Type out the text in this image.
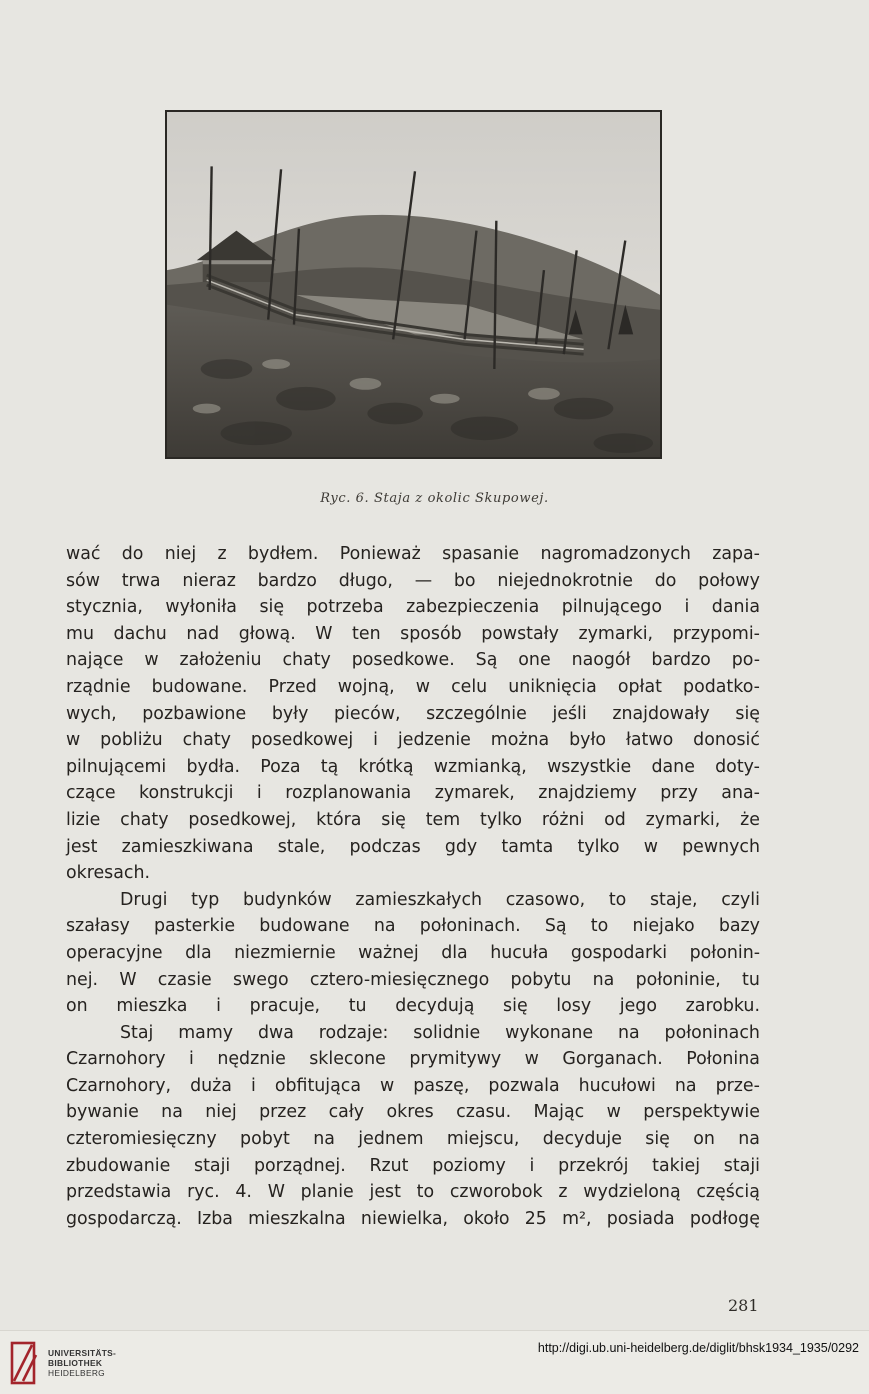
Ryc. 6. Staja z okolic Skupowej.
wać do niej z bydłem. Ponieważ spasanie nagromadzonych zapa-
sów trwa nieraz bardzo długo, — bo niejednokrotnie do połowy
stycznia, wyłoniła się potrzeba zabezpieczenia pilnującego i dania
mu dachu nad głową. W ten sposób powstały zymarki, przypomi-
nające w założeniu chaty posedkowe. Są one naogół bardzo po-
rządnie budowane. Przed wojną, w celu uniknięcia opłat podatko-
wych, pozbawione były pieców, szczególnie jeśli znajdowały się
w pobliżu chaty posedkowej i jedzenie można było łatwo donosić
pilnującemi bydła. Poza tą krótką wzmianką, wszystkie dane doty-
czące konstrukcji i rozplanowania zymarek, znajdziemy przy ana-
lizie chaty posedkowej, która się tem tylko różni od zymarki, że
jest zamieszkiwana stale, podczas gdy tamta tylko w pewnych
okresach.
Drugi typ budynków zamieszkałych czasowo, to staje, czyli
szałasy pasterkie budowane na połoninach. Są to niejako bazy
operacyjne dla niezmiernie ważnej dla hucuła gospodarki połonin-
nej. W czasie swego cztero-miesięcznego pobytu na połoninie, tu
on mieszka i pracuje, tu decydują się losy jego zarobku.
Staj mamy dwa rodzaje: solidnie wykonane na połoninach
Czarnohory i nędznie sklecone prymitywy w Gorganach. Połonina
Czarnohory, duża i obfitująca w paszę, pozwala hucułowi na prze-
bywanie na niej przez cały okres czasu. Mając w perspektywie
czteromiesięczny pobyt na jednem miejscu, decyduje się on na
zbudowanie staji porządnej. Rzut poziomy i przekrój takiej staji
przedstawia ryc. 4. W planie jest to czworobok z wydzieloną częścią
gospodarczą. Izba mieszkalna niewielka, około 25 m², posiada podłogę
281
UNIVERSITÄTS-
BIBLIOTHEK
HEIDELBERG
http://digi.ub.uni-heidelberg.de/diglit/bhsk1934_1935/0292
